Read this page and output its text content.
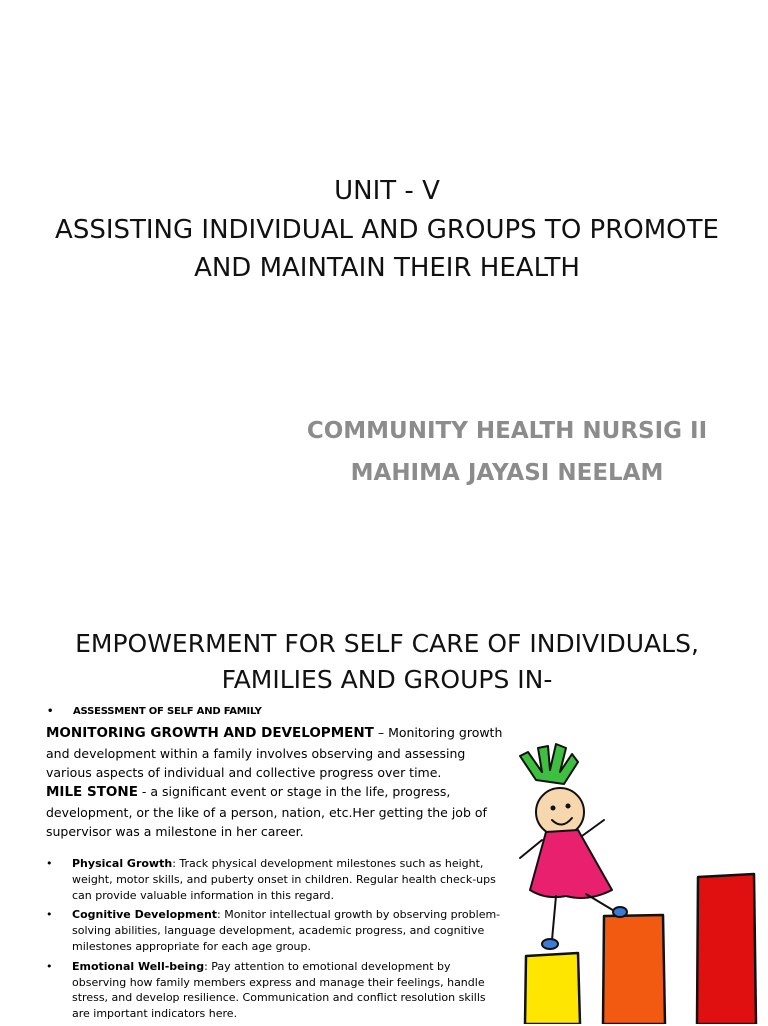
UNIT - V
ASSISTING INDIVIDUAL AND GROUPS TO PROMOTE
AND MAINTAIN THEIR HEALTH
COMMUNITY HEALTH NURSIG II
MAHIMA JAYASI NEELAM
EMPOWERMENT FOR SELF CARE OF INDIVIDUALS,
FAMILIES AND GROUPS IN-
• ASSESSMENT OF SELF AND FAMILY
MONITORING GROWTH AND DEVELOPMENT – Monitoring growth and development within a family involves observing and assessing various aspects of individual and collective progress over time.
MILE STONE - a significant event or stage in the life, progress, development, or the like of a person, nation, etc.Her getting the job of supervisor was a milestone in her career.
• Physical Growth: Track physical development milestones such as height, weight, motor skills, and puberty onset in children. Regular health check-ups can provide valuable information in this regard.
• Cognitive Development: Monitor intellectual growth by observing problem-solving abilities, language development, academic progress, and cognitive milestones appropriate for each age group.
• Emotional Well-being: Pay attention to emotional development by observing how family members express and manage their feelings, handle stress, and develop resilience. Communication and conflict resolution skills are important indicators here.
